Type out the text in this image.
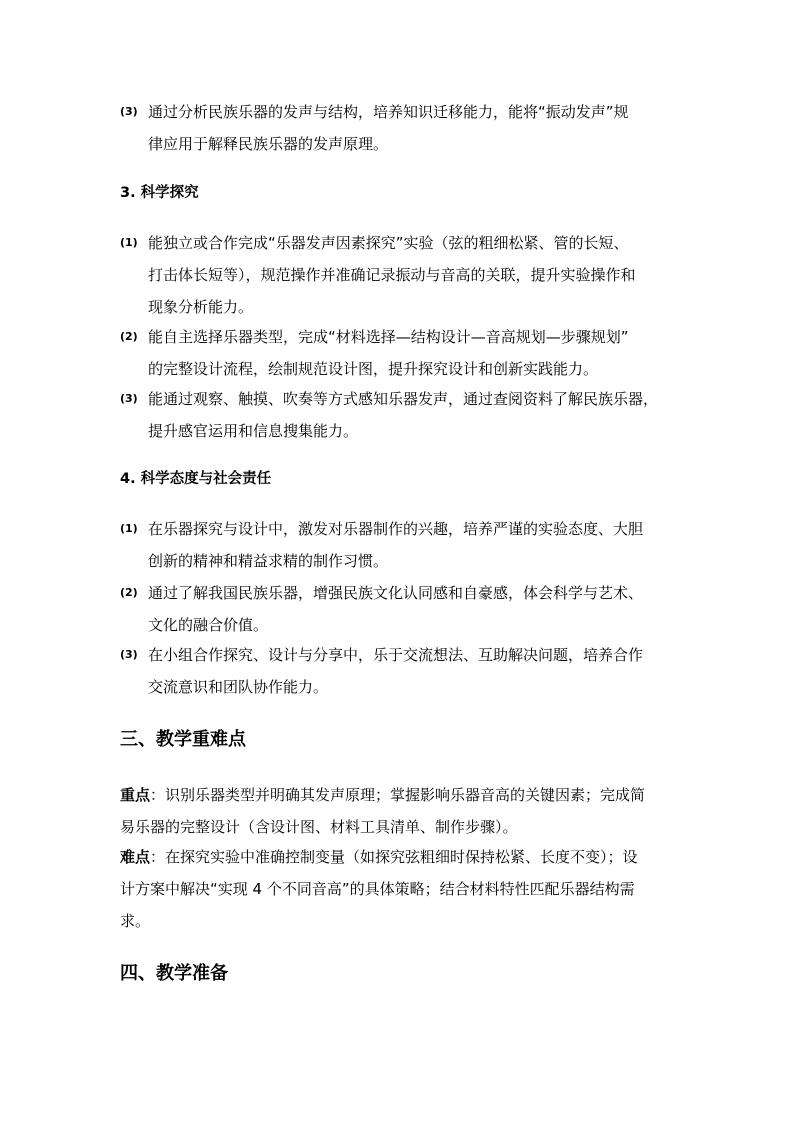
(3) 通过分析民族乐器的发声与结构，培养知识迁移能力，能将“振动发声”规
律应用于解释民族乐器的发声原理。
3. 科学探究
(1) 能独立或合作完成“乐器发声因素探究”实验（弦的粗细松紧、管的长短、
打击体长短等），规范操作并准确记录振动与音高的关联，提升实验操作和
现象分析能力。
(2) 能自主选择乐器类型，完成“材料选择—结构设计—音高规划—步骤规划”
的完整设计流程，绘制规范设计图，提升探究设计和创新实践能力。
(3) 能通过观察、触摸、吹奏等方式感知乐器发声，通过查阅资料了解民族乐器，
提升感官运用和信息搜集能力。
4. 科学态度与社会责任
(1) 在乐器探究与设计中，激发对乐器制作的兴趣，培养严谨的实验态度、大胆
创新的精神和精益求精的制作习惯。
(2) 通过了解我国民族乐器，增强民族文化认同感和自豪感，体会科学与艺术、
文化的融合价值。
(3) 在小组合作探究、设计与分享中，乐于交流想法、互助解决问题，培养合作
交流意识和团队协作能力。
三、教学重难点
重点：识别乐器类型并明确其发声原理；掌握影响乐器音高的关键因素；完成简
易乐器的完整设计（含设计图、材料工具清单、制作步骤）。
难点：在探究实验中准确控制变量（如探究弦粗细时保持松紧、长度不变）；设
计方案中解决“实现 4 个不同音高”的具体策略；结合材料特性匹配乐器结构需
求。
四、教学准备
